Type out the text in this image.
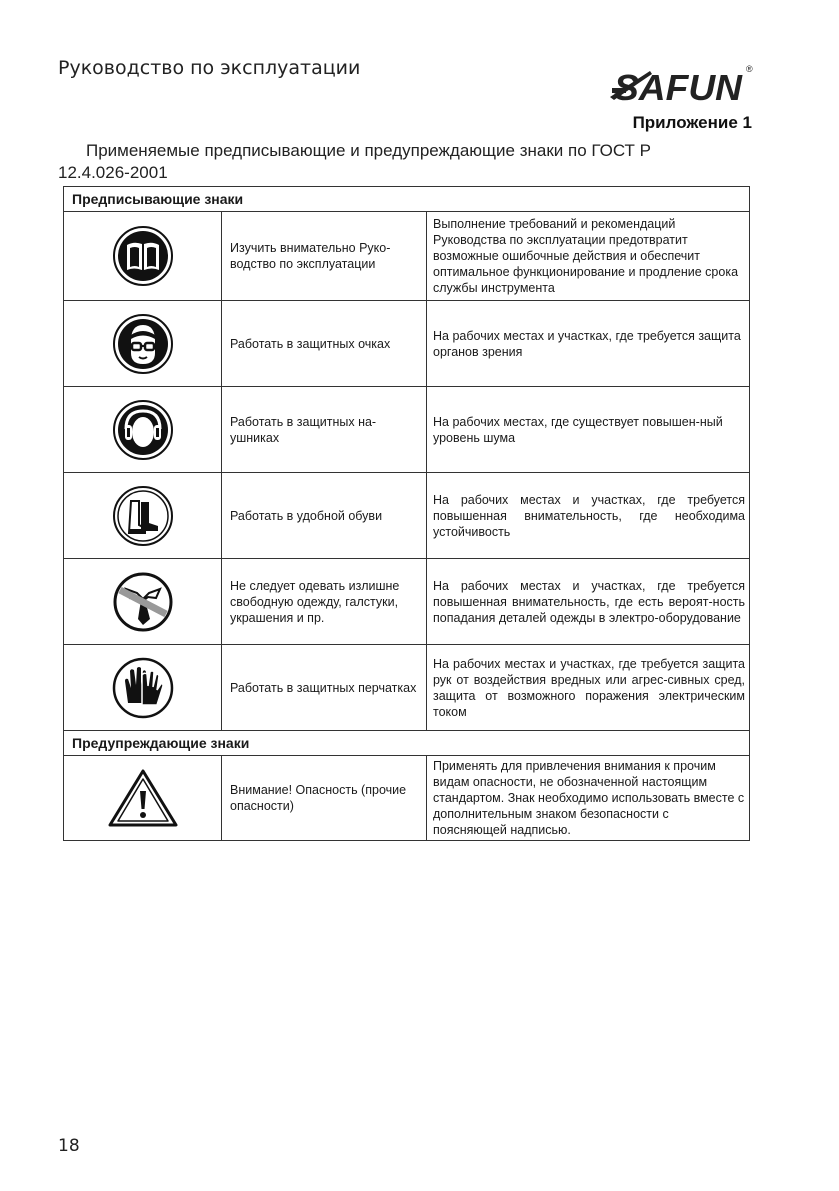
Руководство по эксплуатации	SAFUN ®
Приложение 1
Применяемые предписывающие и предупреждающие знаки по ГОСТ Р
12.4.026-2001
Предписывающие знаки		

	Изучить внимательно Руко-водство по эксплуатации	Выполнение требований и рекомендаций Руководства по эксплуатации предотвратит возможные ошибочные действия и обеспечит оптимальное функционирование и продление срока службы инструмента

	Работать в защитных очках	На рабочих местах и участках, где требуется защита органов зрения

	Работать в защитных на-ушниках	На рабочих местах, где существует повышен-ный уровень шума

	Работать в удобной обуви	На рабочих местах и участках, где требуется повышенная внимательность, где необходима устойчивость

	Не следует одевать излишне свободную одежду, галстуки, украшения и пр.	На рабочих местах и участках, где требуется повышенная внимательность, где есть вероят-ность попадания деталей одежды в электро-оборудование

	Работать в защитных перчатках	На рабочих местах и участках, где требуется защита рук от воздействия вредных или агрес-сивных сред, защита от возможного поражения электрическим током
Предупреждающие знаки		

	Внимание! Опасность (прочие опасности)	Применять для привлечения внимания к прочим видам опасности, не обозначенной настоящим стандартом. Знак необходимо использовать вместе с дополнительным знаком безопасности с поясняющей надписью.
18
